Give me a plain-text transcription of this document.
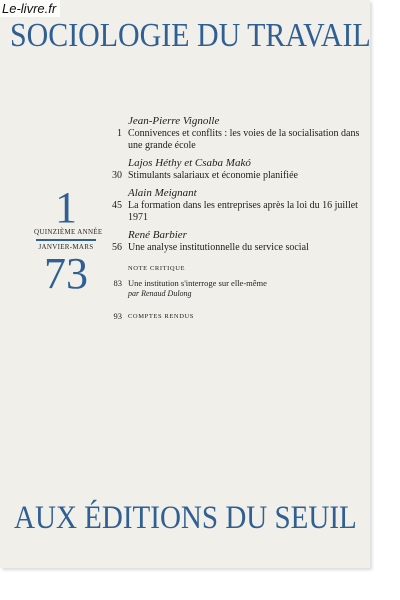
Le-livre.fr
SOCIOLOGIE DU TRAVAIL
1
QUINZIÈME ANNÉE
JANVIER-MARS
73
Jean-Pierre Vignolle
1 Connivences et conflits : les voies de la socialisation dans une grande école
Lajos Héthy et Csaba Makó
30 Stimulants salariaux et économie planifiée
Alain Meignant
45 La formation dans les entreprises après la loi du 16 juillet 1971
René Barbier
56 Une analyse institutionnelle du service social
NOTE CRITIQUE
83 Une institution s'interroge sur elle-même
par Renaud Dulong
93 COMPTES RENDUS
AUX ÉDITIONS DU SEUIL
